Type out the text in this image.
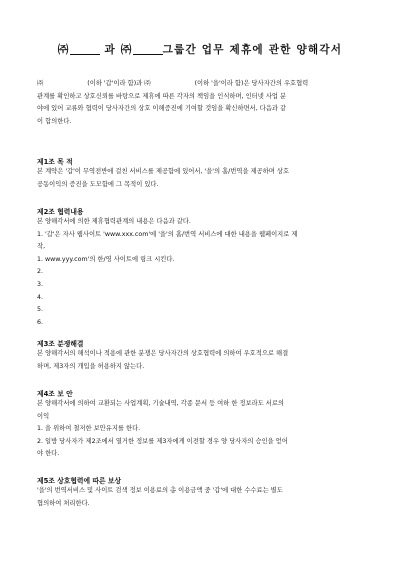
㈜	과 ㈜	그룹간 업무 제휴에 관한 양해각서

㈜	(이하 '갑'이라 함)과 ㈜	(이하 '을'이라 함)은 당사자간의 우호협력

관계를 확인하고 상호신뢰를 바탕으로 제휴에 따른 각자의 책임을 인식하며, 인터넷 사업 분

야에 있어 교류와 협력이 당사자간의 상호 이해증진에 기여할 것임을 확신하면서, 다음과 같

이 합의한다.

제1조 목 적

본 계약은 '갑'이 무역전반에 걸친 서비스를 제공함에 있어서, '을'의 홈/번역을 제공하며 상호

공동이익의 증진을 도모함에 그 목적이 있다.

제2조 협력내용

본 양해각서에 의한 제휴협력관계의 내용은 다음과 같다.

1. '갑'은 자사 웹사이트 'www.xxx.com'에 '을'의 홈/번역 서비스에 대한 내용을 웹페이지로 제

작,

1. www.yyy.com'의 한/영 사이트에 링크 시킨다.

2.

3.

4.

5.

6.

제3조 분쟁해결

본 양해각서의 해석이나 적용에 관한 분쟁은 당사자간의 상호협력에 의하여 우호적으로 해결

하며, 제3자의 개입을 허용하지 않는다.

제4조 보 안

본 양해각서에 의하여 교환되는 사업계획, 기술내역, 각종 문서 등 여하 한 정보라도 서로의

이익

1. 을 위하여 철저한 보안유지를 한다.

2. 일방 당사자가 제2조에서 열거한 정보를 제3자에게 이전할 경우 양 당사자의 승인을 얻어

야 한다.

제5조 상호협력에 따른 보상

'을'의 번역서비스 및 사이트 검색 정보 이용료의 총 이용금액 중 '갑'에 대한 수수료는 별도

협의하여 처리한다.
